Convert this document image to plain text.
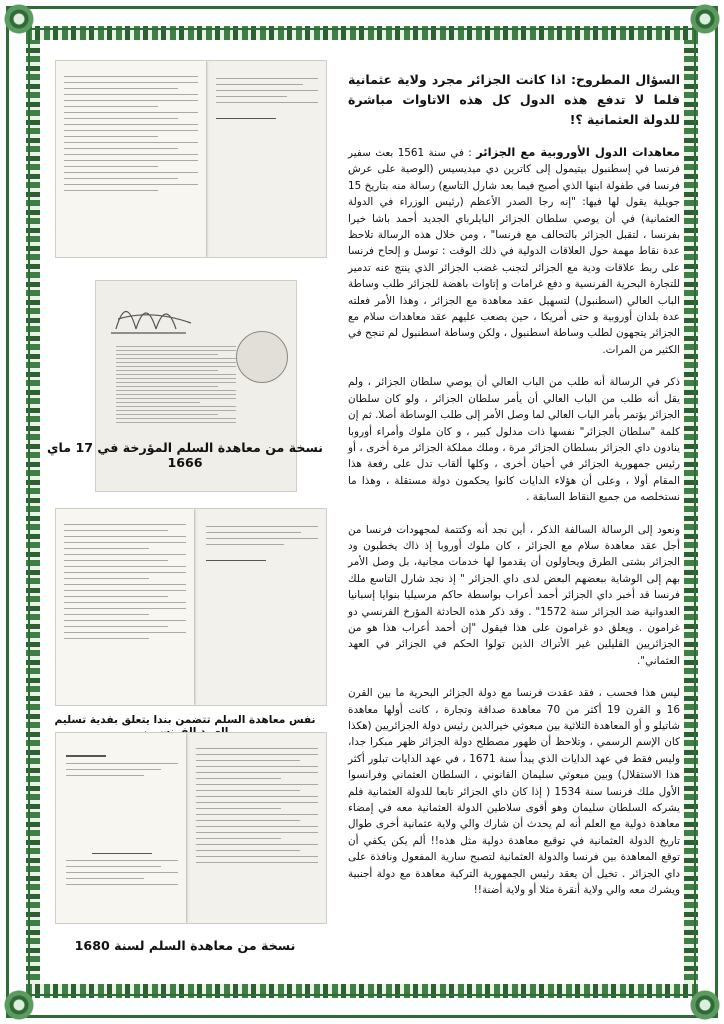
نسخة من معاهدة السلم المؤرخة في 17 ماي 1666
نفس معاهدة السلم تتضمن بندا يتعلق بفدية تسليم
نسخة من معاهدة السلم لسنة 1680

السؤال المطروح: اذا كانت الجزائر مجرد ولاية عثمانية فلما لا تدفع هذه الدول كل هذه الاتاوات مباشرة للدولة العثمانية ؟!

معاهدات الدول الأوروبية مع الجزائر : في سنة 1561 بعث سفير فرنسا في إسطنبول بيتيمول إلى كاترين دي ميديسيس (الوصية على عرش فرنسا في طفولة ابنها الذي أصبح فيما بعد شارل التاسع) رسالة منه بتاريخ 15 جويلية يقول لها فيها: "إنه رجا الصدر الأعظم (رئيس الوزراء في الدولة العثمانية) في أن يوصي سلطان الجزائر البايلرباي الجديد أحمد باشا خيرا بفرنسا ، لتقبل الجزائر بالتحالف مع فرنسا" ، ومن خلال هذه الرسالة تلاحظ عدة نقاط مهمة حول العلاقات الدولية في ذلك الوقت : توسل و إلحاح فرنسا على ربط علاقات ودية مع الجزائر لتجنب غضب الجزائر الذي ينتج عنه تدمير للتجارة البحرية الفرنسية و دفع غرامات و إتاوات باهضة للجزائر طلب وساطة الباب العالي (اسطنبول) لتسهيل عقد معاهدة مع الجزائر ، وهذا الأمر فعلته عدة بلدان أوروبية و حتى أمريكا ، حين يصعب عليهم عقد معاهدات سلام مع الجزائر يتجهون لطلب وساطة اسطنبول ، ولكن وساطة اسطنبول لم تنجح في الكثير من المرات.

ذكر في الرسالة أنه طلب من الباب العالي أن يوصي سلطان الجزائر ، ولم يقل أنه طلب من الباب العالي أن يأمر سلطان الجزائر ، ولو كان سلطان الجزائر يؤتمر بأمر الباب العالي لما وصل الأمر إلى طلب الوساطة أصلا. ثم إن كلمة "سلطان الجزائر" نفسها ذات مدلول كبير ، و كان ملوك وأمراء أوروبا ينادون داي الجزائر بسلطان الجزائر مرة ، وملك مملكة الجزائر مرة أخرى ، أو رئيس جمهورية الجزائر في أحيان أخرى ، وكلها ألقاب تدل على رفعة هذا المقام أولا ، وعلى أن هؤلاء الدايات كانوا يحكمون دولة مستقلة ، وهذا ما نستخلصه من جميع النقاط السابقة .

ونعود إلى الرسالة السالفة الذكر ، أين نجد أنه وكتتمة لمجهودات فرنسا من أجل عقد معاهدة سلام مع الجزائر ، كان ملوك أوروبا إذ ذاك يخطبون ود الجزائر بشتى الطرق ويحاولون أن يقدموا لها خدمات مجانية، بل وصل الأمر بهم إلى الوشاية ببعضهم البعض لدى داي الجزائر " إذ نجد شارل التاسع ملك فرنسا قد أخبر داي الجزائر أحمد أعراب بواسطة حاكم مرسيليا بنوايا إسبانيا العدوانية ضد الجزائر سنة 1572" . وقد ذكر هذه الحادثة المؤرخ الفرنسي دو غرامون . ويعلق دو غرامون على هذا فيقول "إن أحمد أعراب هذا هو من الجزائريين القليلين غير الأتراك الذين تولوا الحكم في الجزائر في العهد العثماني".

ليس هذا فحسب ، فقد عقدت فرنسا مع دولة الجزائر البحرية ما بين القرن 16 و القرن 19 أكثر من 70 معاهدة صداقة وتجارة ، كانت أولها معاهدة شاتيلو و أو المعاهدة الثلاثية بين مبعوثي خيرالدين رئيس دولة الجزائريين (هكذا كان الإسم الرسمي ، وتلاحظ أن ظهور مصطلح دولة الجزائر ظهر مبكرا جدا، وليس فقط في عهد الدايات الذي يبدأ سنة 1671 ، في عهد الدايات تبلور أكثر هذا الاستقلال) وبين مبعوثي سليمان القانوني ، السلطان العثماني وفرانسوا الأول ملك فرنسا سنة 1534 ( إذا كان داي الجزائر تابعا للدولة العثمانية فلم يشركه السلطان سليمان وهو أقوى سلاطين الدولة العثمانية معه في إمضاء معاهدة دولية مع العلم أنه لم يحدث أن شارك والي ولاية عثمانية أخرى طوال تاريخ الدولة العثمانية في توقيع معاهدة دولية مثل هذه!! ألم يكن يكفي أن توقع المعاهدة بين فرنسا والدولة العثمانية لتصبح سارية المفعول ونافذة على داي الجزائر . تخيل أن يعقد رئيس الجمهورية التركية معاهدة مع دولة أجنبية ويشرك معه والي ولاية أنقرة مثلا أو ولاية أضنة!!
